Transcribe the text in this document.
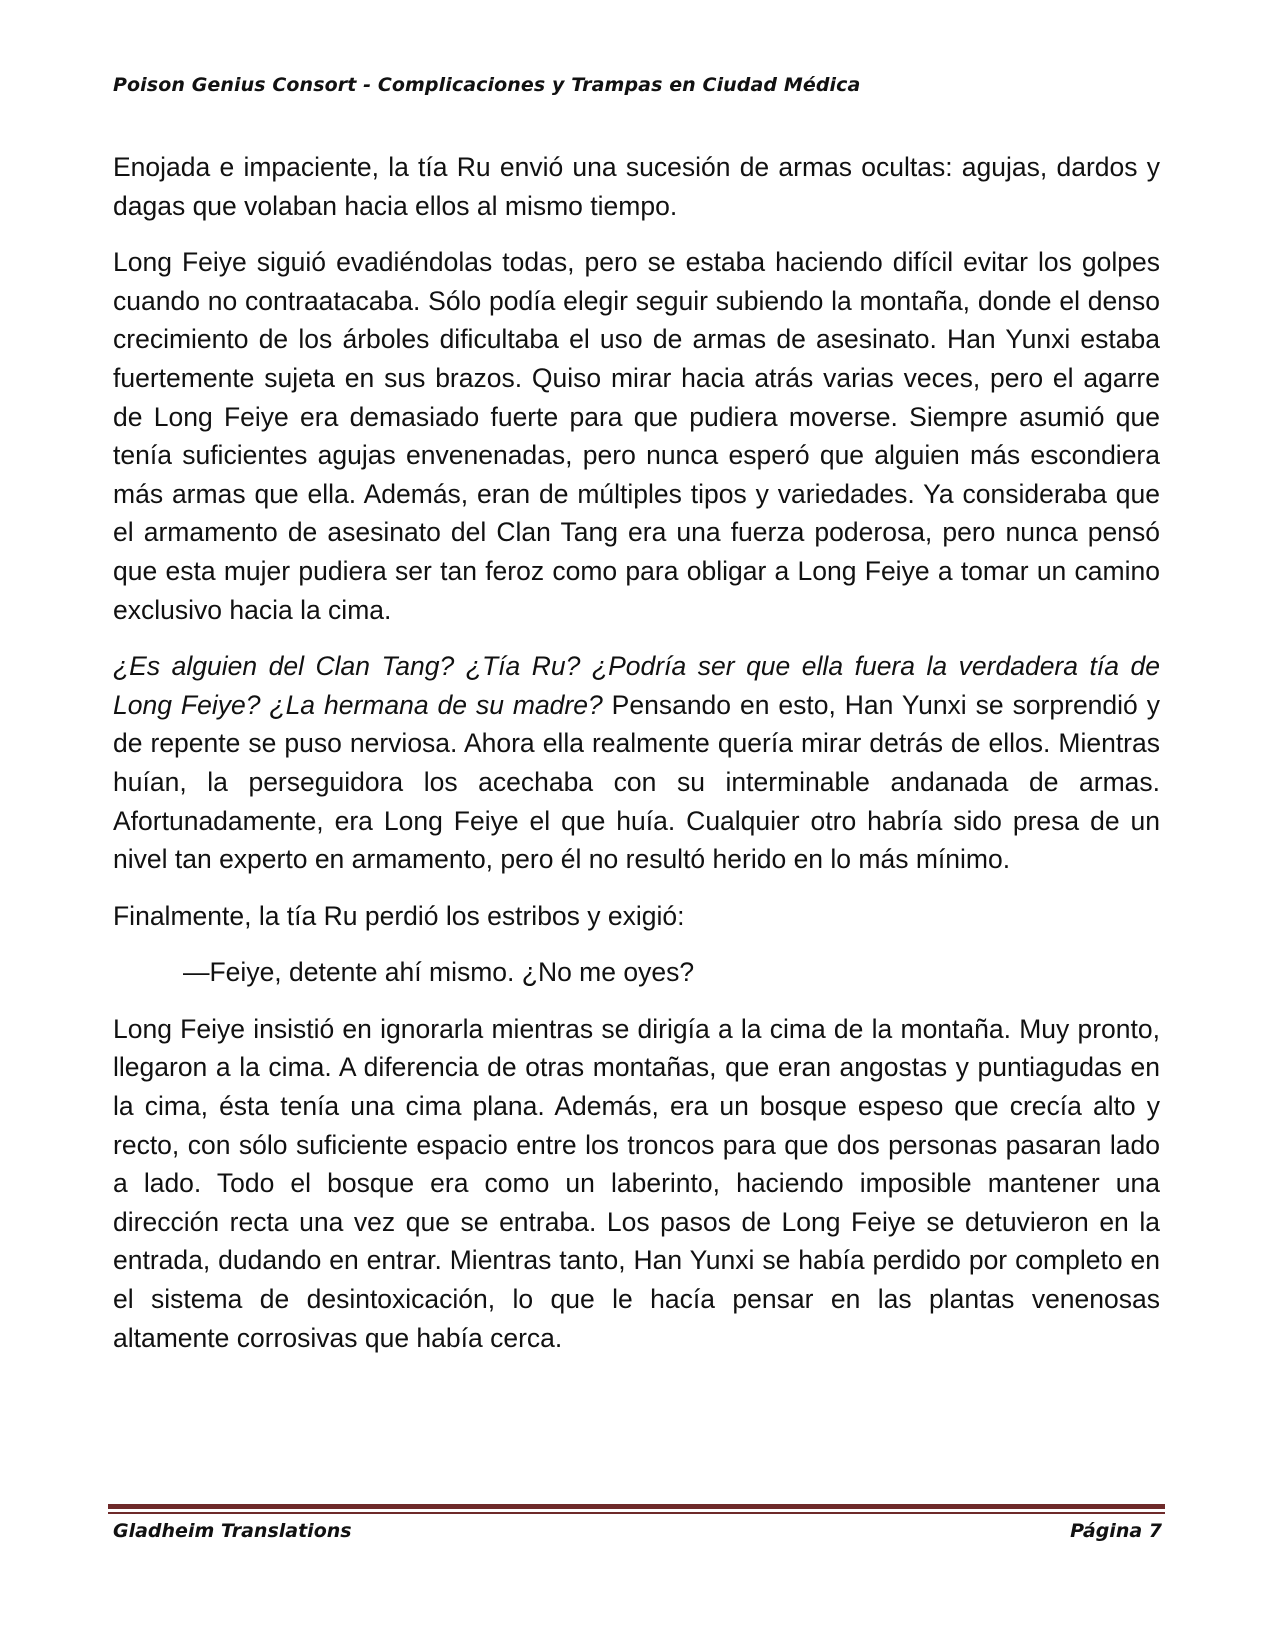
Poison Genius Consort - Complicaciones y Trampas en Ciudad Médica

Enojada e impaciente, la tía Ru envió una sucesión de armas ocultas: agujas, dardos y dagas que volaban hacia ellos al mismo tiempo.

Long Feiye siguió evadiéndolas todas, pero se estaba haciendo difícil evitar los golpes cuando no contraatacaba. Sólo podía elegir seguir subiendo la montaña, donde el denso crecimiento de los árboles dificultaba el uso de armas de asesinato. Han Yunxi estaba fuertemente sujeta en sus brazos. Quiso mirar hacia atrás varias veces, pero el agarre de Long Feiye era demasiado fuerte para que pudiera moverse. Siempre asumió que tenía suficientes agujas envenenadas, pero nunca esperó que alguien más escondiera más armas que ella. Además, eran de múltiples tipos y variedades. Ya consideraba que el armamento de asesinato del Clan Tang era una fuerza poderosa, pero nunca pensó que esta mujer pudiera ser tan feroz como para obligar a Long Feiye a tomar un camino exclusivo hacia la cima.

¿Es alguien del Clan Tang? ¿Tía Ru? ¿Podría ser que ella fuera la verdadera tía de Long Feiye? ¿La hermana de su madre? Pensando en esto, Han Yunxi se sorprendió y de repente se puso nerviosa. Ahora ella realmente quería mirar detrás de ellos. Mientras huían, la perseguidora los acechaba con su interminable andanada de armas. Afortunadamente, era Long Feiye el que huía. Cualquier otro habría sido presa de un nivel tan experto en armamento, pero él no resultó herido en lo más mínimo.

Finalmente, la tía Ru perdió los estribos y exigió:

—Feiye, detente ahí mismo. ¿No me oyes?

Long Feiye insistió en ignorarla mientras se dirigía a la cima de la montaña. Muy pronto, llegaron a la cima. A diferencia de otras montañas, que eran angostas y puntiagudas en la cima, ésta tenía una cima plana. Además, era un bosque espeso que crecía alto y recto, con sólo suficiente espacio entre los troncos para que dos personas pasaran lado a lado. Todo el bosque era como un laberinto, haciendo imposible mantener una dirección recta una vez que se entraba. Los pasos de Long Feiye se detuvieron en la entrada, dudando en entrar. Mientras tanto, Han Yunxi se había perdido por completo en el sistema de desintoxicación, lo que le hacía pensar en las plantas venenosas altamente corrosivas que había cerca.

Gladheim Translations	Página 7
